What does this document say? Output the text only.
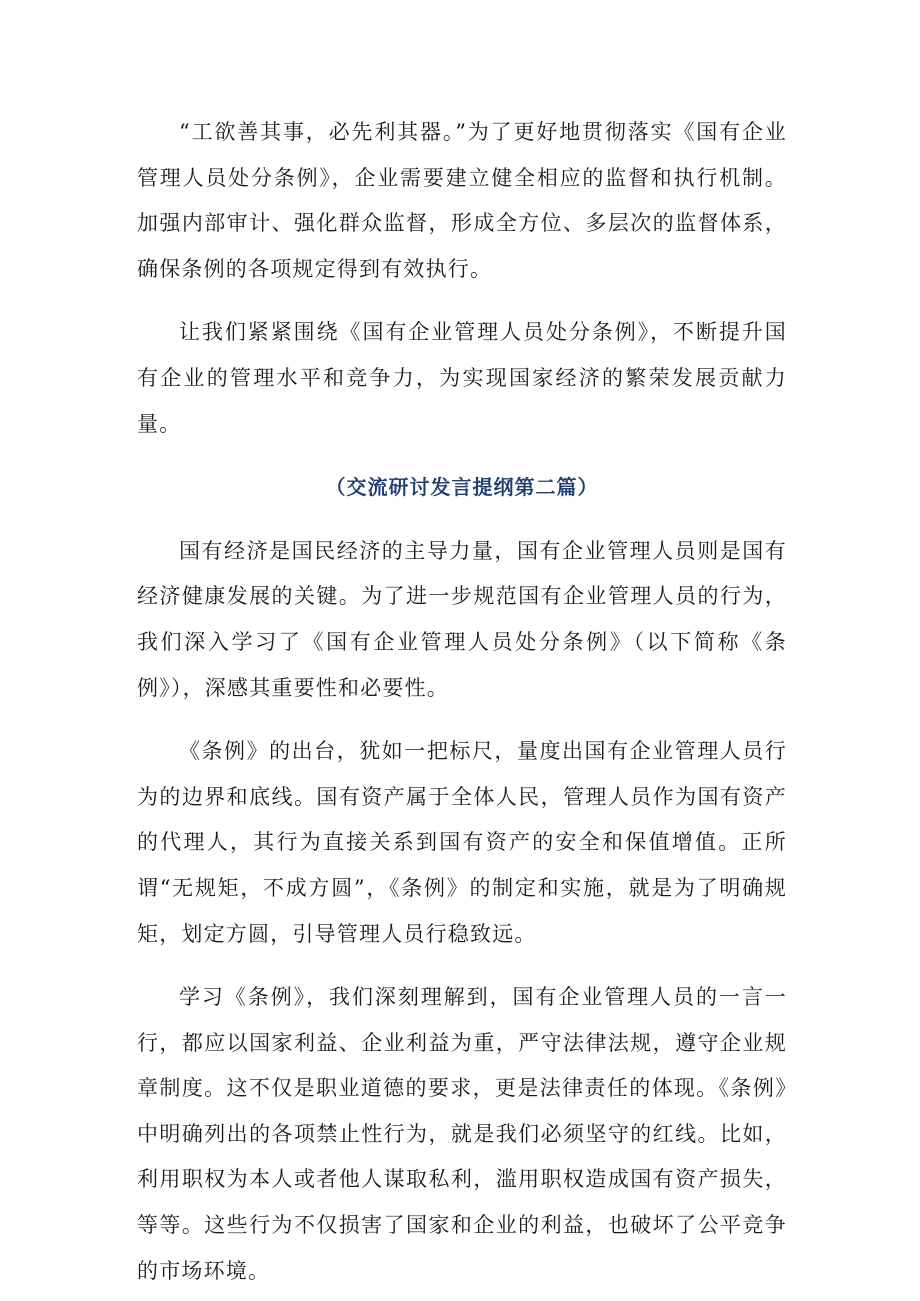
“工欲善其事，必先利其器。”为了更好地贯彻落实《国有企业管理人员处分条例》，企业需要建立健全相应的监督和执行机制。加强内部审计、强化群众监督，形成全方位、多层次的监督体系，确保条例的各项规定得到有效执行。

让我们紧紧围绕《国有企业管理人员处分条例》，不断提升国有企业的管理水平和竞争力，为实现国家经济的繁荣发展贡献力量。

（交流研讨发言提纲第二篇）

国有经济是国民经济的主导力量，国有企业管理人员则是国有经济健康发展的关键。为了进一步规范国有企业管理人员的行为，我们深入学习了《国有企业管理人员处分条例》（以下简称《条例》），深感其重要性和必要性。

《条例》的出台，犹如一把标尺，量度出国有企业管理人员行为的边界和底线。国有资产属于全体人民，管理人员作为国有资产的代理人，其行为直接关系到国有资产的安全和保值增值。正所谓“无规矩，不成方圆”，《条例》的制定和实施，就是为了明确规矩，划定方圆，引导管理人员行稳致远。

学习《条例》，我们深刻理解到，国有企业管理人员的一言一行，都应以国家利益、企业利益为重，严守法律法规，遵守企业规章制度。这不仅是职业道德的要求，更是法律责任的体现。《条例》中明确列出的各项禁止性行为，就是我们必须坚守的红线。比如，利用职权为本人或者他人谋取私利，滥用职权造成国有资产损失，等等。这些行为不仅损害了国家和企业的利益，也破坏了公平竞争的市场环境。
